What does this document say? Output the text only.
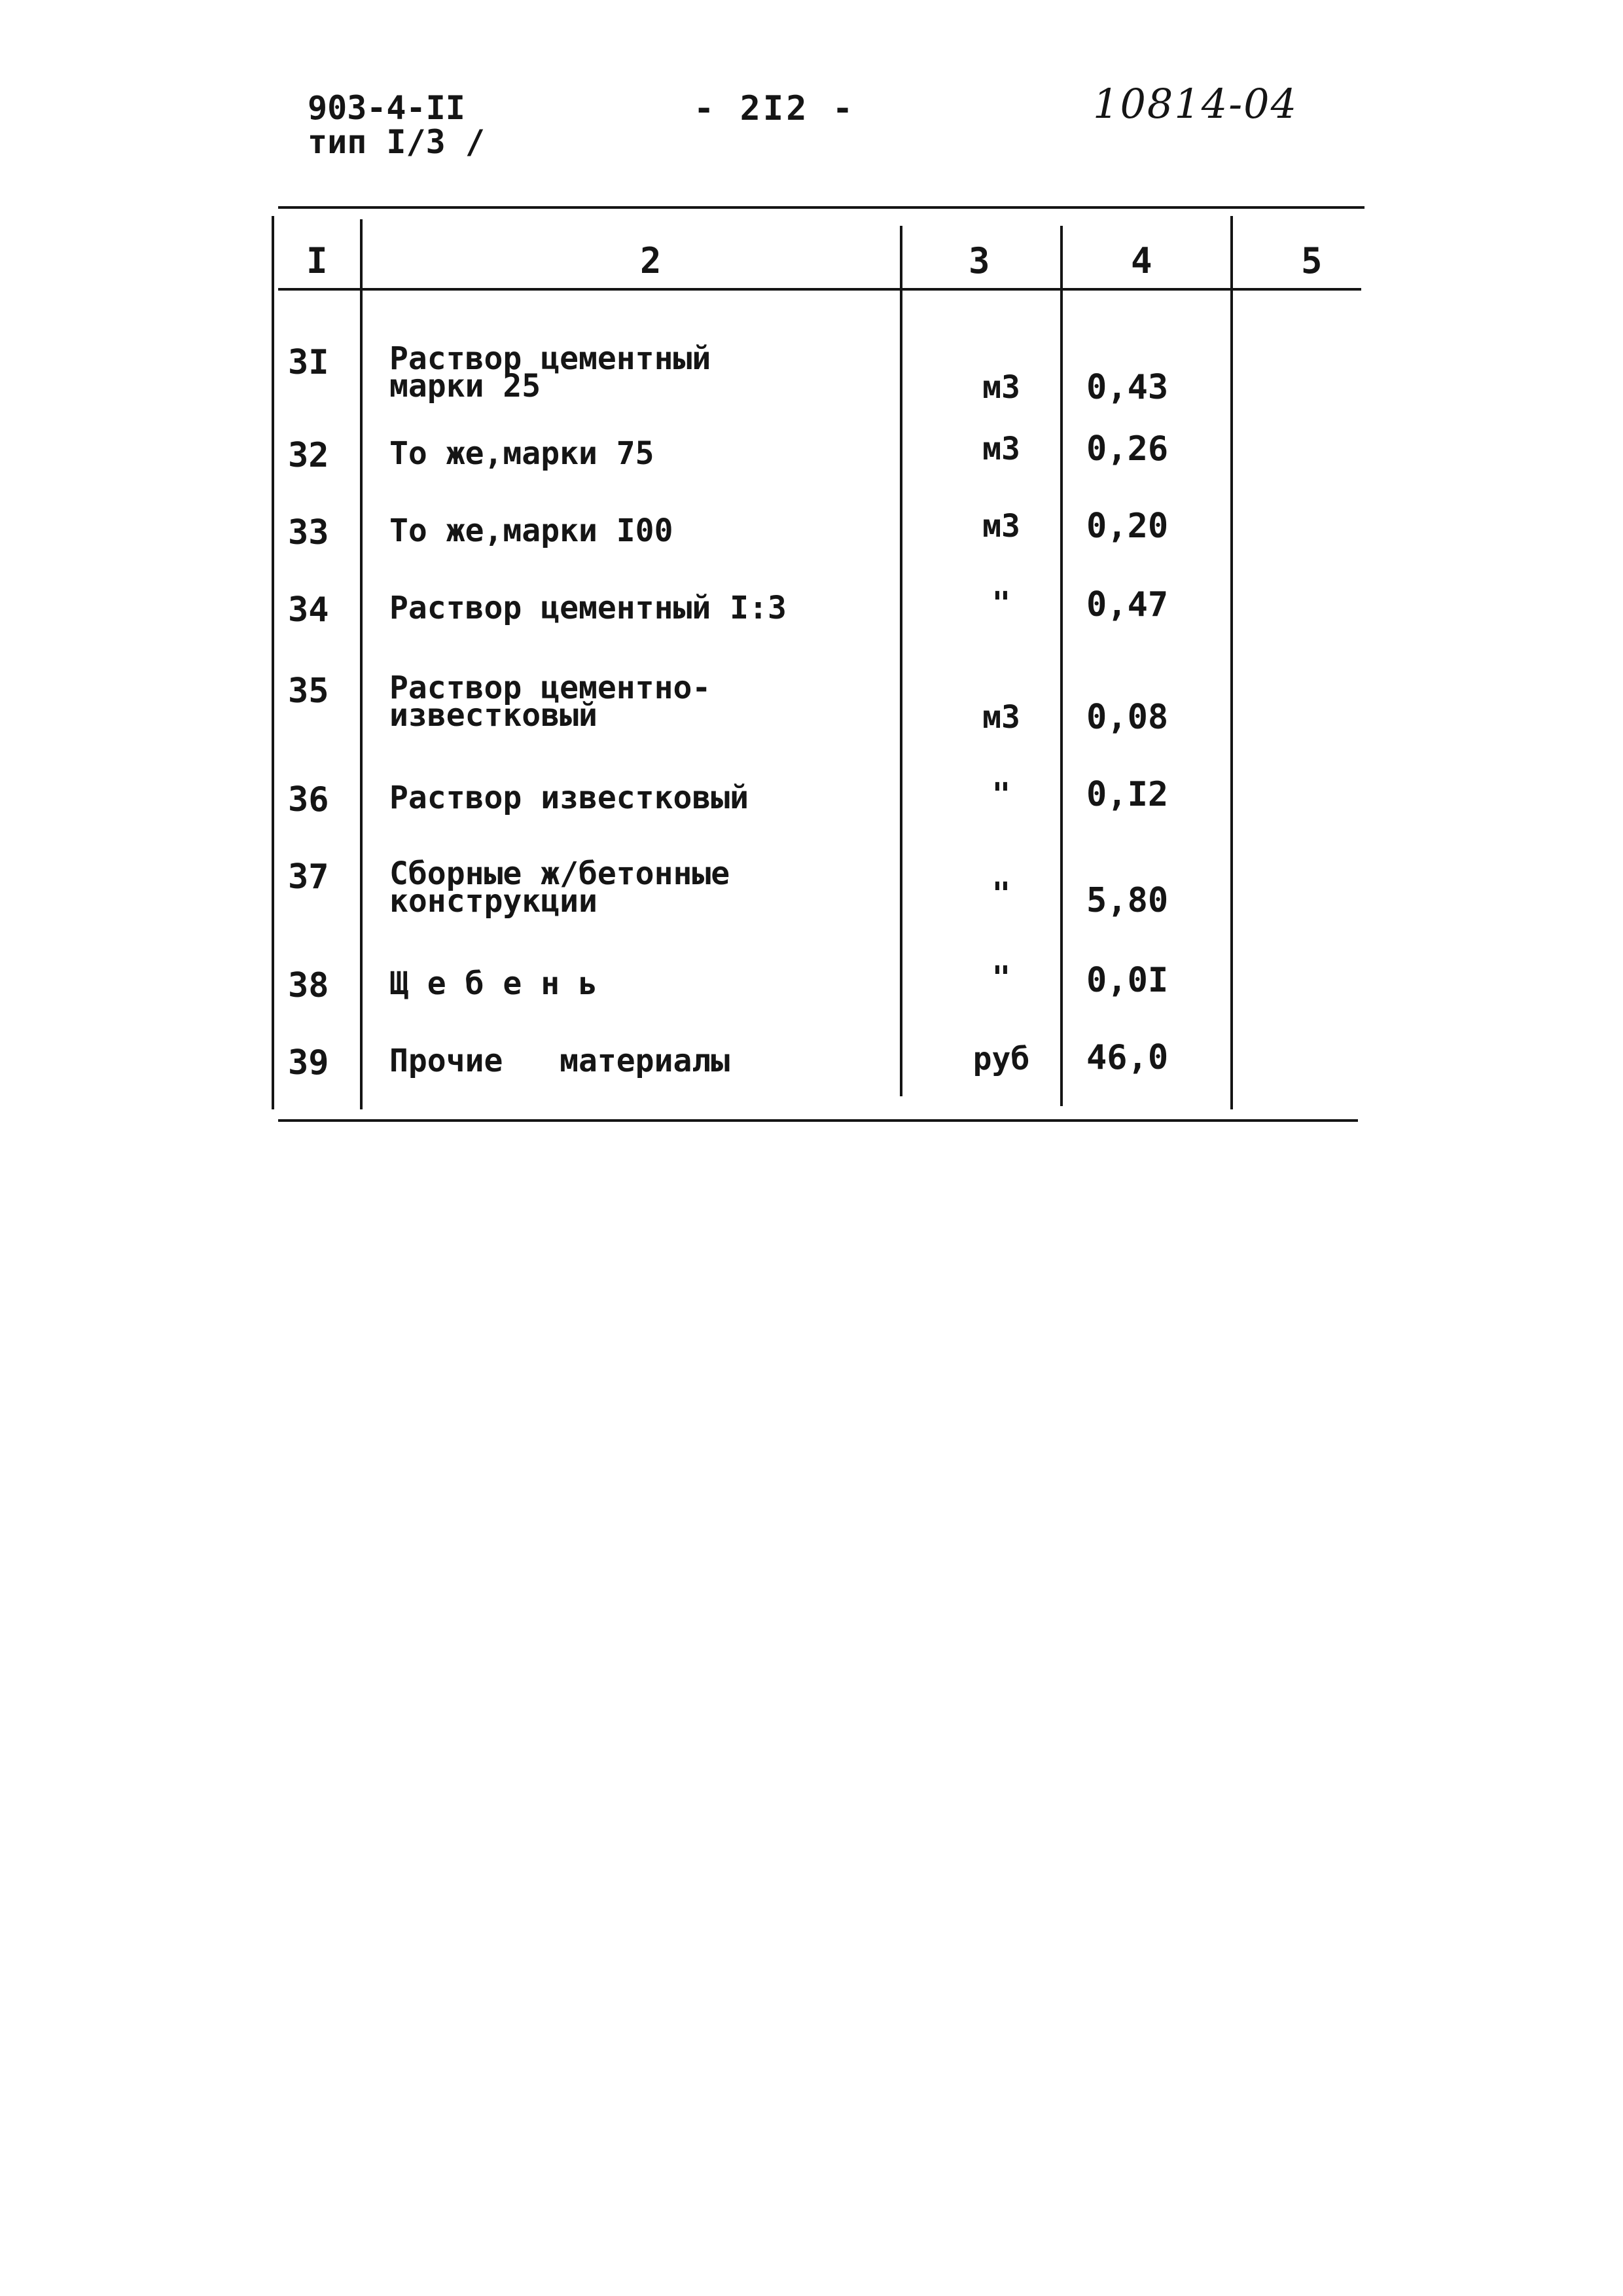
903-4-II
тип I/3 /
- 2I2 -	10814-04
I	2	3	4	5
3I Раствор цементный
марки 25	м3	0,43
32 То же,марки 75	м3	0,26
33 То же,марки I00	м3	0,20
34 Раствор цементный I:3	"	0,47
35 Раствор цементно-
известковый	м3	0,08
36 Раствор известковый	"	0,I2
37 Сборные ж/бетонные
конструкции	"	5,80
38 Щ е б е н ь	"	0,0I
39 Прочие   материалы	руб	46,0
